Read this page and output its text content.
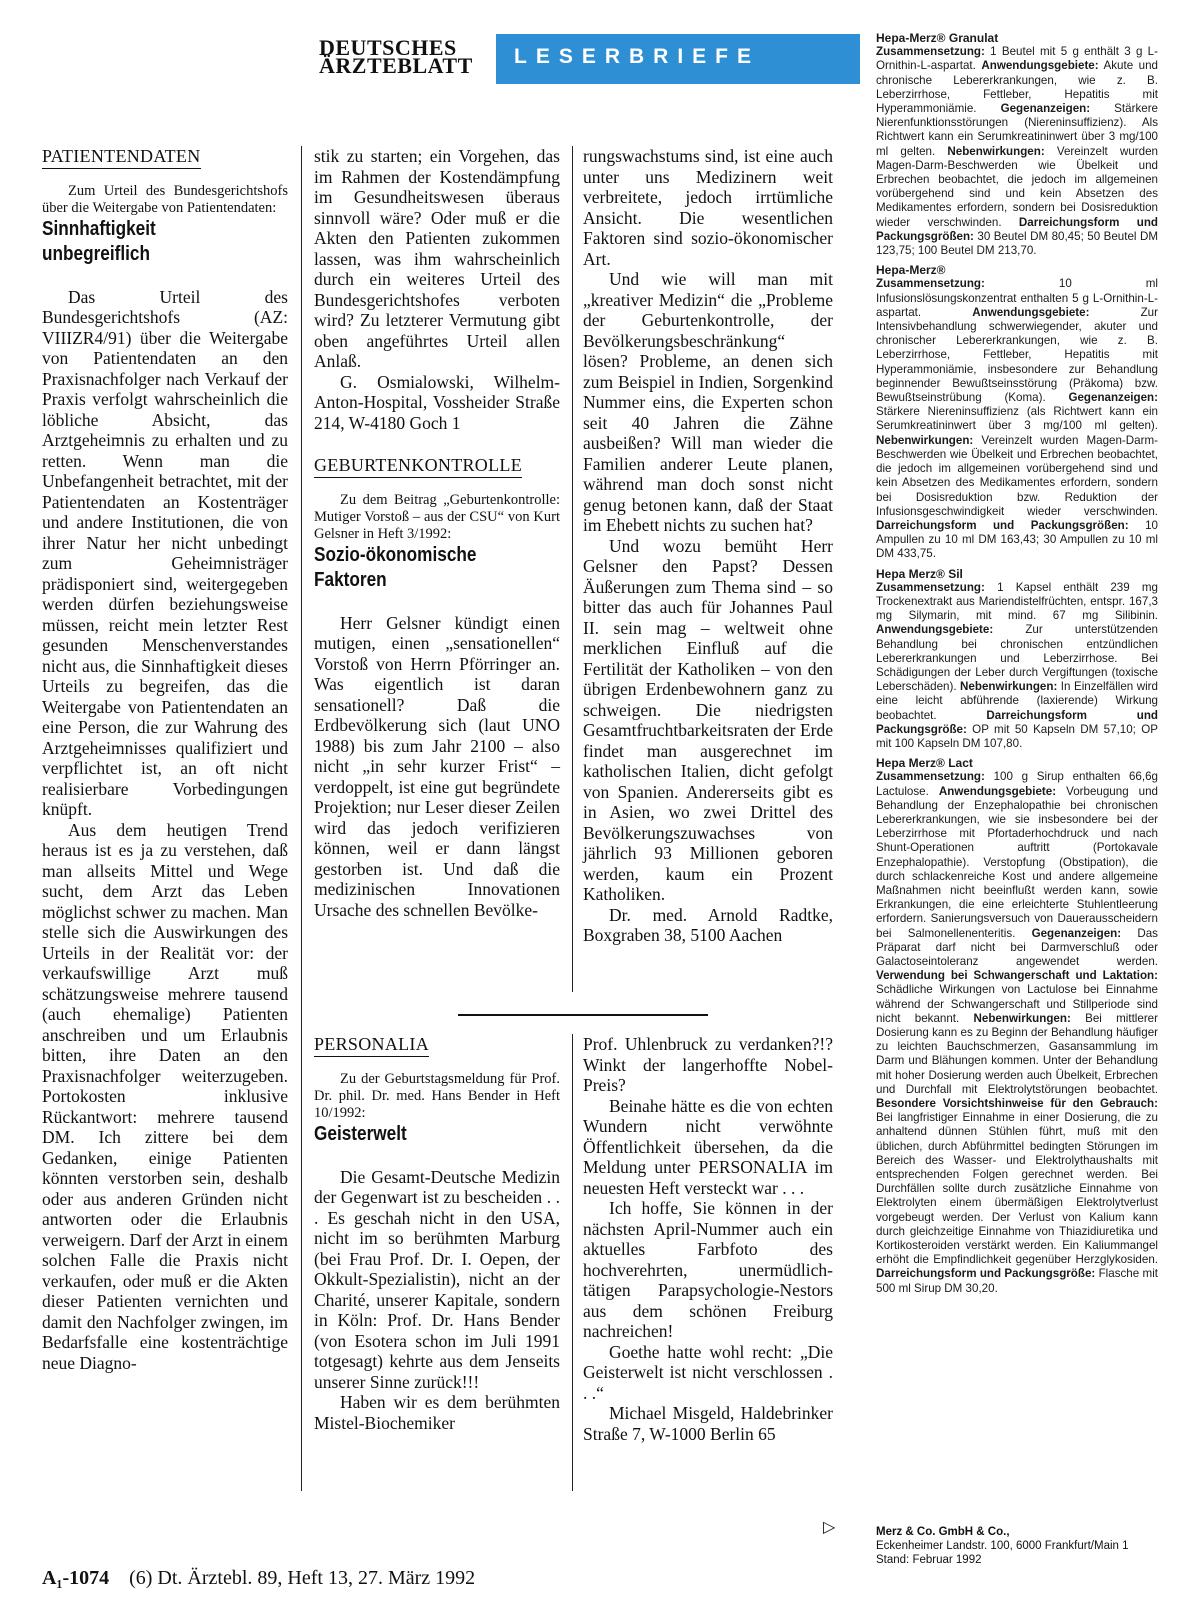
DEUTSCHES
ÄRZTEBLATT LESERBRIEFE
PATIENTENDATEN

Zum Urteil des Bundesgerichtshofs über die Weitergabe von Patientendaten:

Sinnhaftigkeit
unbegreiflich

Das Urteil des Bundesgerichtshofs (AZ: VIIIZR4/91) über die Weitergabe von Patientendaten an den Praxisnachfolger nach Verkauf der Praxis verfolgt wahrscheinlich die löbliche Absicht, das Arztgeheimnis zu erhalten und zu retten. Wenn man die Unbefangenheit betrachtet, mit der Patientendaten an Kostenträger und andere Institutionen, die von ihrer Natur her nicht unbedingt zum Geheimnisträger prädisponiert sind, weitergegeben werden dürfen beziehungsweise müssen, reicht mein letzter Rest gesunden Menschenverstandes nicht aus, die Sinnhaftigkeit dieses Urteils zu begreifen, das die Weitergabe von Patientendaten an eine Person, die zur Wahrung des Arztgeheimnisses qualifiziert und verpflichtet ist, an oft nicht realisierbare Vorbedingungen knüpft.

Aus dem heutigen Trend heraus ist es ja zu verstehen, daß man allseits Mittel und Wege sucht, dem Arzt das Leben möglichst schwer zu machen. Man stelle sich die Auswirkungen des Urteils in der Realität vor: der verkaufswillige Arzt muß schätzungsweise mehrere tausend (auch ehemalige) Patienten anschreiben und um Erlaubnis bitten, ihre Daten an den Praxisnachfolger weiterzugeben. Portokosten inklusive Rückantwort: mehrere tausend DM. Ich zittere bei dem Gedanken, einige Patienten könnten verstorben sein, deshalb oder aus anderen Gründen nicht antworten oder die Erlaubnis verweigern. Darf der Arzt in einem solchen Falle die Praxis nicht verkaufen, oder muß er die Akten dieser Patienten vernichten und damit den Nachfolger zwingen, im Bedarfsfalle eine kostenträchtige neue Diagno-

stik zu starten; ein Vorgehen, das im Rahmen der Kostendämpfung im Gesundheitswesen überaus sinnvoll wäre? Oder muß er die Akten den Patienten zukommen lassen, was ihm wahrscheinlich durch ein weiteres Urteil des Bundesgerichtshofes verboten wird? Zu letzterer Vermutung gibt oben angeführtes Urteil allen Anlaß.

G. Osmialowski, Wilhelm-Anton-Hospital, Vossheider Straße 214, W-4180 Goch 1

GEBURTENKONTROLLE

Zu dem Beitrag „Geburtenkontrolle: Mutiger Vorstoß – aus der CSU“ von Kurt Gelsner in Heft 3/1992:

Sozio-ökonomische
Faktoren

Herr Gelsner kündigt einen mutigen, einen „sensationellen“ Vorstoß von Herrn Pförringer an. Was eigentlich ist daran sensationell? Daß die Erdbevölkerung sich (laut UNO 1988) bis zum Jahr 2100 – also nicht „in sehr kurzer Frist“ – verdoppelt, ist eine gut begründete Projektion; nur Leser dieser Zeilen wird das jedoch verifizieren können, weil er dann längst gestorben ist. Und daß die medizinischen Innovationen Ursache des schnellen Bevölke-

rungswachstums sind, ist eine auch unter uns Medizinern weit verbreitete, jedoch irrtümliche Ansicht. Die wesentlichen Faktoren sind sozio-ökonomischer Art.

Und wie will man mit „kreativer Medizin“ die „Probleme der Geburtenkontrolle, der Bevölkerungsbeschränkung“ lösen? Probleme, an denen sich zum Beispiel in Indien, Sorgenkind Nummer eins, die Experten schon seit 40 Jahren die Zähne ausbeißen? Will man wieder die Familien anderer Leute planen, während man doch sonst nicht genug betonen kann, daß der Staat im Ehebett nichts zu suchen hat?

Und wozu bemüht Herr Gelsner den Papst? Dessen Äußerungen zum Thema sind – so bitter das auch für Johannes Paul II. sein mag – weltweit ohne merklichen Einfluß auf die Fertilität der Katholiken – von den übrigen Erdenbewohnern ganz zu schweigen. Die niedrigsten Gesamtfruchtbarkeitsraten der Erde findet man ausgerechnet im katholischen Italien, dicht gefolgt von Spanien. Andererseits gibt es in Asien, wo zwei Drittel des Bevölkerungszuwachses von jährlich 93 Millionen geboren werden, kaum ein Prozent Katholiken.

Dr. med. Arnold Radtke, Boxgraben 38, 5100 Aachen

PERSONALIA

Zu der Geburtstagsmeldung für Prof. Dr. phil. Dr. med. Hans Bender in Heft 10/1992:

Geisterwelt

Die Gesamt-Deutsche Medizin der Gegenwart ist zu bescheiden . . . Es geschah nicht in den USA, nicht im so berühmten Marburg (bei Frau Prof. Dr. I. Oepen, der Okkult-Spezialistin), nicht an der Charité, unserer Kapitale, sondern in Köln: Prof. Dr. Hans Bender (von Esotera schon im Juli 1991 totgesagt) kehrte aus dem Jenseits unserer Sinne zurück!!!

Haben wir es dem berühmten Mistel-Biochemiker

Prof. Uhlenbruck zu verdanken?!? Winkt der langerhoffte Nobel-Preis?

Beinahe hätte es die von echten Wundern nicht verwöhnte Öffentlichkeit übersehen, da die Meldung unter PERSONALIA im neuesten Heft versteckt war . . .

Ich hoffe, Sie können in der nächsten April-Nummer auch ein aktuelles Farbfoto des hochverehrten, unermüdlich-tätigen Parapsychologie-Nestors aus dem schönen Freiburg nachreichen!

Goethe hatte wohl recht: „Die Geisterwelt ist nicht verschlossen . . .“

Michael Misgeld, Haldebrinker Straße 7, W-1000 Berlin 65

▷
Hepa-Merz® Granulat

Zusammensetzung: 1 Beutel mit 5 g enthält 3 g L-Ornithin-L-aspartat. Anwendungsgebiete: Akute und chronische Lebererkrankungen, wie z. B. Leberzirrhose, Fettleber, Hepatitis mit Hyperammoniämie. Gegenanzeigen: Stärkere Nierenfunktionsstörungen (Niereninsuffizienz). Als Richtwert kann ein Serumkreatininwert über 3 mg/100 ml gelten. Nebenwirkungen: Vereinzelt wurden Magen-Darm-Beschwerden wie Übelkeit und Erbrechen beobachtet, die jedoch im allgemeinen vorübergehend sind und kein Absetzen des Medikamentes erfordern, sondern bei Dosisreduktion wieder verschwinden. Darreichungsform und Packungsgrößen: 30 Beutel DM 80,45; 50 Beutel DM 123,75; 100 Beutel DM 213,70.

Hepa-Merz®

Zusammensetzung: 10 ml Infusionslösungskonzentrat enthalten 5 g L-Ornithin-L-aspartat. Anwendungsgebiete: Zur Intensivbehandlung schwerwiegender, akuter und chronischer Lebererkrankungen, wie z. B. Leberzirrhose, Fettleber, Hepatitis mit Hyperammoniämie, insbesondere zur Behandlung beginnender Bewußtseinsstörung (Präkoma) bzw. Bewußtseinstrübung (Koma). Gegenanzeigen: Stärkere Niereninsuffizienz (als Richtwert kann ein Serumkreatininwert über 3 mg/100 ml gelten). Nebenwirkungen: Vereinzelt wurden Magen-Darm-Beschwerden wie Übelkeit und Erbrechen beobachtet, die jedoch im allgemeinen vorübergehend sind und kein Absetzen des Medikamentes erfordern, sondern bei Dosisreduktion bzw. Reduktion der Infusionsgeschwindigkeit wieder verschwinden. Darreichungsform und Packungsgrößen: 10 Ampullen zu 10 ml DM 163,43; 30 Ampullen zu 10 ml DM 433,75.

Hepa Merz® Sil

Zusammensetzung: 1 Kapsel enthält 239 mg Trockenextrakt aus Mariendistelfrüchten, entspr. 167,3 mg Silymarin, mit mind. 67 mg Silibinin. Anwendungsgebiete: Zur unterstützenden Behandlung bei chronischen entzündlichen Lebererkrankungen und Leberzirrhose. Bei Schädigungen der Leber durch Vergiftungen (toxische Leberschäden). Nebenwirkungen: In Einzelfällen wird eine leicht abführende (laxierende) Wirkung beobachtet. Darreichungsform und Packungsgröße: OP mit 50 Kapseln DM 57,10; OP mit 100 Kapseln DM 107,80.

Hepa Merz® Lact

Zusammensetzung: 100 g Sirup enthalten 66,6g Lactulose. Anwendungsgebiete: Vorbeugung und Behandlung der Enzephalopathie bei chronischen Lebererkrankungen, wie sie insbesondere bei der Leberzirrhose mit Pfortaderhochdruck und nach Shunt-Operationen auftritt (Portokavale Enzephalopathie). Verstopfung (Obstipation), die durch schlackenreiche Kost und andere allgemeine Maßnahmen nicht beeinflußt werden kann, sowie Erkrankungen, die eine erleichterte Stuhlentleerung erfordern. Sanierungsversuch von Dauerausscheidern bei Salmonellenenteritis. Gegenanzeigen: Das Präparat darf nicht bei Darmverschluß oder Galactoseintoleranz angewendet werden. Verwendung bei Schwangerschaft und Laktation: Schädliche Wirkungen von Lactulose bei Einnahme während der Schwangerschaft und Stillperiode sind nicht bekannt. Nebenwirkungen: Bei mittlerer Dosierung kann es zu Beginn der Behandlung häufiger zu leichten Bauchschmerzen, Gasansammlung im Darm und Blähungen kommen. Unter der Behandlung mit hoher Dosierung werden auch Übelkeit, Erbrechen und Durchfall mit Elektrolytstörungen beobachtet. Besondere Vorsichtshinweise für den Gebrauch: Bei langfristiger Einnahme in einer Dosierung, die zu anhaltend dünnen Stühlen führt, muß mit den üblichen, durch Abführmittel bedingten Störungen im Bereich des Wasser- und Elektrolythaushalts mit entsprechenden Folgen gerechnet werden. Bei Durchfällen sollte durch zusätzliche Einnahme von Elektrolyten einem übermäßigen Elektrolytverlust vorgebeugt werden. Der Verlust von Kalium kann durch gleichzeitige Einnahme von Thiazidiuretika und Kortikosteroiden verstärkt werden. Ein Kaliummangel erhöht die Empfindlichkeit gegenüber Herzglykosiden. Darreichungsform und Packungsgröße: Flasche mit 500 ml Sirup DM 30,20.

Merz & Co. GmbH & Co.,
Eckenheimer Landstr. 100, 6000 Frankfurt/Main 1
Stand: Februar 1992
A₁-1074 (6) Dt. Ärztebl. 89, Heft 13, 27. März 1992
